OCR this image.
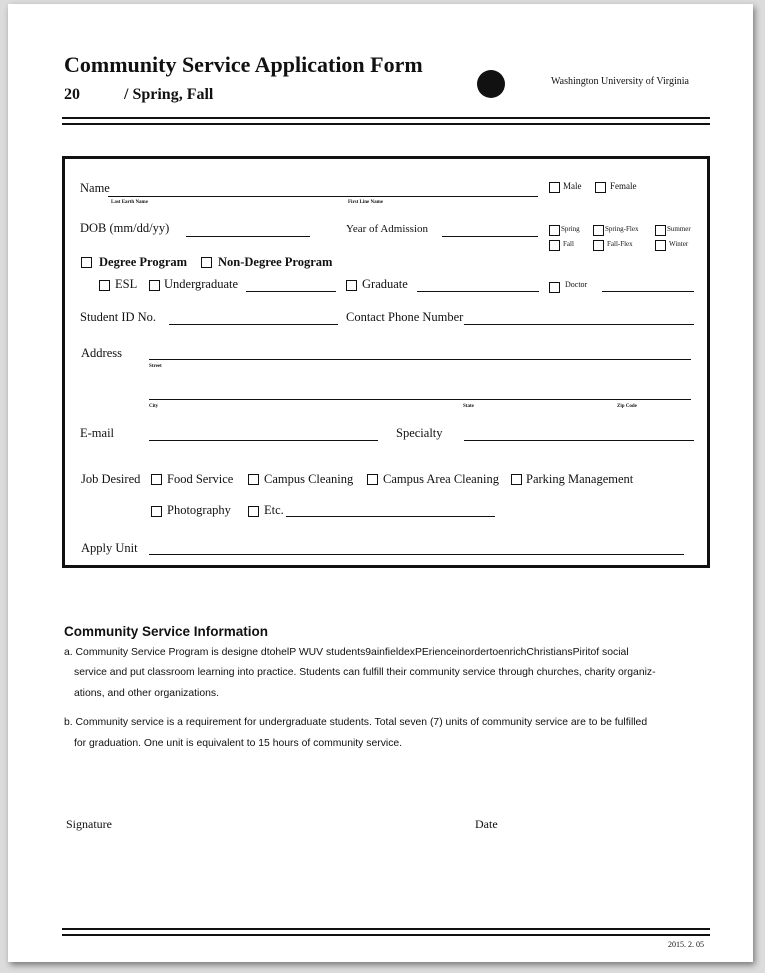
Community Service Application Form
20	/ Spring, Fall
Washington University of Virginia
Name
Last Earth Name	First Line Name
Male	Female
DOB (mm/dd/yy)	Year of Admission	Spring	Spring-Flex	Summer
Fall	Fall-Flex	Winter
Degree Program Non-Degree Program
ESL Undergraduate	Graduate	Doctor
Student ID No.	Contact Phone Number
Address
Street
City	State	Zip Code
E-mail	Specialty
Job Desired Food Service Campus Cleaning Campus Area Cleaning Parking Management
Photography	Etc.
Apply Unit
Community Service Information
a. Community Service Program is designe dtohelP WUV students9ainfieldexPErienceinordertoenrichChristiansPiritof social
service and put classroom learning into practice. Students can fulfill their community service through churches, charity organiz-
ations, and other organizations.
b. Community service is a requirement for undergraduate students. Total seven (7) units of community service are to be fulfilled
for graduation. One unit is equivalent to 15 hours of community service.
Signature	Date
2015. 2. 05
